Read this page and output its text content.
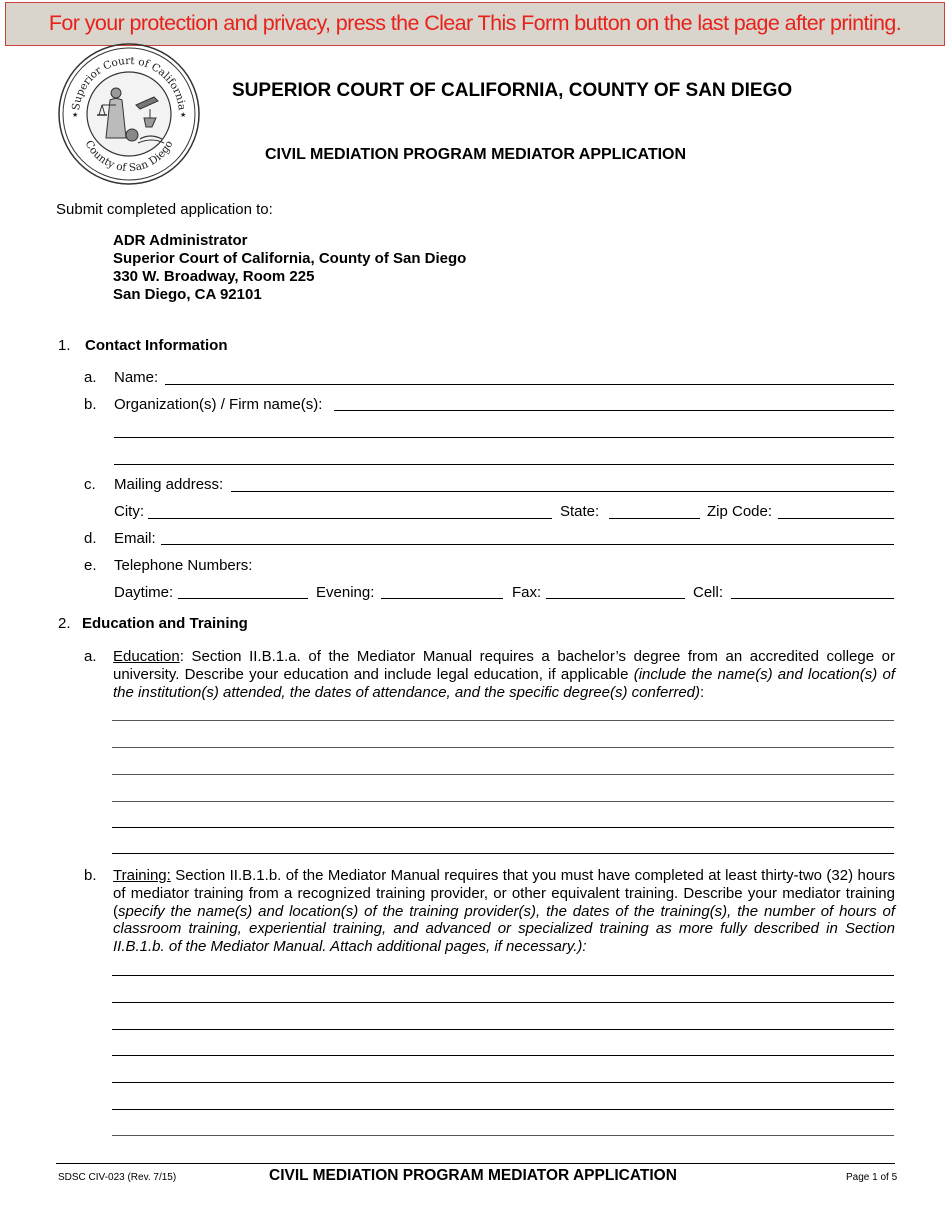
For your protection and privacy, press the Clear This Form button on the last page after printing.
Superior Court of California
County of San Diego
★	★
SUPERIOR COURT OF CALIFORNIA, COUNTY OF SAN DIEGO
CIVIL MEDIATION PROGRAM MEDIATOR APPLICATION
Submit completed application to:
ADR Administrator
Superior Court of California, County of San Diego
330 W. Broadway, Room 225
San Diego, CA 92101
1. Contact Information
a. Name:
b. Organization(s) / Firm name(s):
c. Mailing address:
City:	State:	Zip Code:
d. Email:
e. Telephone Numbers:
Daytime:	Evening:	Fax:	Cell:
2. Education and Training
a. Education: Section II.B.1.a. of the Mediator Manual requires a bachelor’s degree from an accredited college or university. Describe your education and include legal education, if applicable (include the name(s) and location(s) of the institution(s) attended, the dates of attendance, and the specific degree(s) conferred):
b. Training: Section II.B.1.b. of the Mediator Manual requires that you must have completed at least thirty-two (32) hours of mediator training from a recognized training provider, or other equivalent training. Describe your mediator training (specify the name(s) and location(s) of the training provider(s), the dates of the training(s), the number of hours of classroom training, experiential training, and advanced or specialized training as more fully described in Section II.B.1.b. of the Mediator Manual. Attach additional pages, if necessary.):
SDSC CIV-023 (Rev. 7/15)	CIVIL MEDIATION PROGRAM MEDIATOR APPLICATION	Page 1 of 5
